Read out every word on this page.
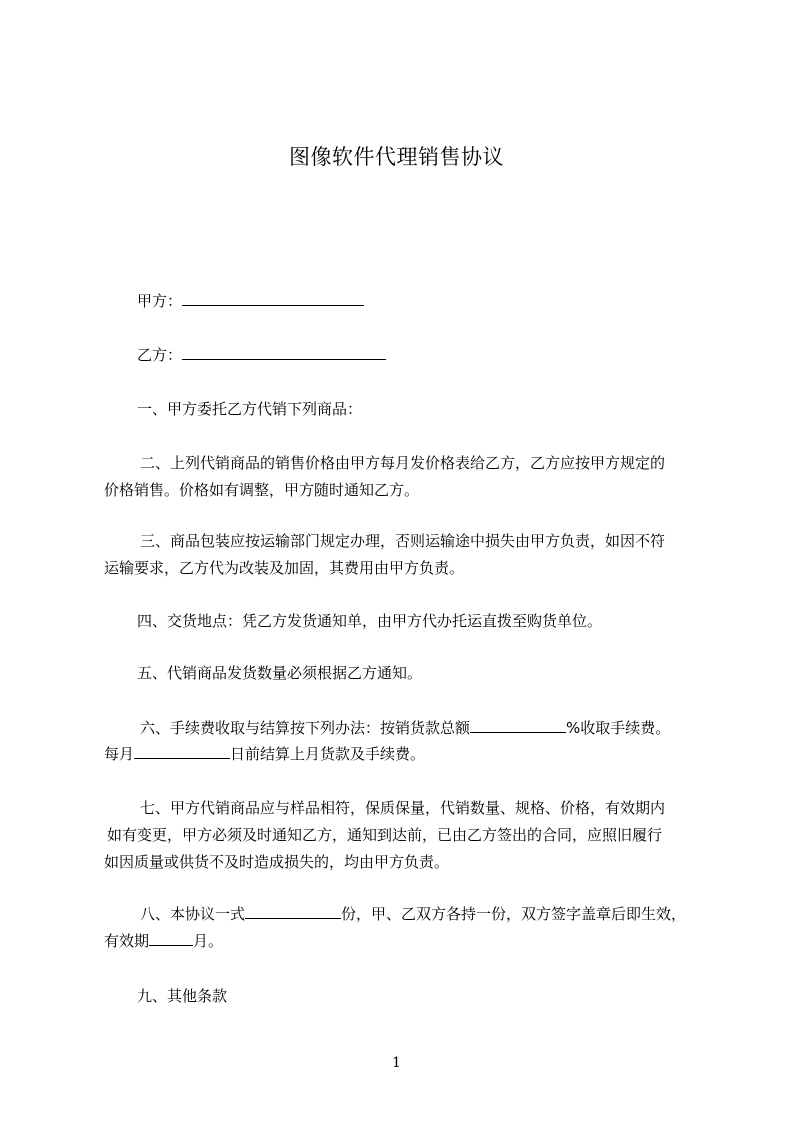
图像软件代理销售协议
甲方：
乙方：
一、甲方委托乙方代销下列商品：
二、上列代销商品的销售价格由甲方每月发价格表给乙方，乙方应按甲方规定的
价格销售。价格如有调整，甲方随时通知乙方。
三、商品包装应按运输部门规定办理，否则运输途中损失由甲方负责，如因不符
运输要求，乙方代为改装及加固，其费用由甲方负责。
四、交货地点：凭乙方发货通知单，由甲方代办托运直拨至购货单位。
五、代销商品发货数量必须根据乙方通知。
六、手续费收取与结算按下列办法：按销货款总额	%收取手续费。
每月	日前结算上月货款及手续费。
七、甲方代销商品应与样品相符，保质保量，代销数量、规格、价格，有效期内
如有变更，甲方必须及时通知乙方，通知到达前，已由乙方签出的合同，应照旧履行
如因质量或供货不及时造成损失的，均由甲方负责。
八、本协议一式	份，甲、乙双方各持一份，双方签字盖章后即生效，
有效期	月。
九、其他条款
1
